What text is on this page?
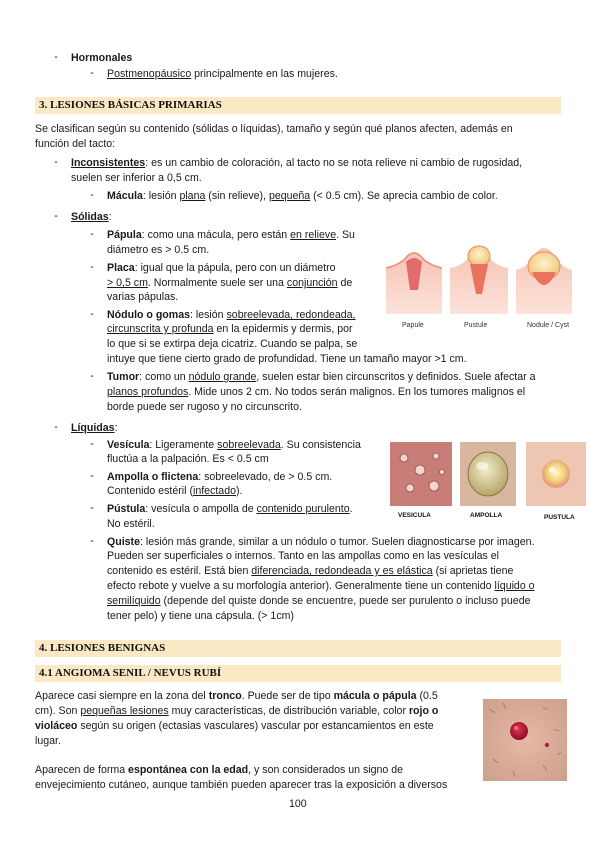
-	Hormonales
-	Postmenopáusico principalmente en las mujeres.
3. LESIONES BÁSICAS PRIMARIAS
Se clasifican según su contenido (sólidas o líquidas), tamaño y según qué planos afecten, además en
función del tacto:
-	Inconsistentes: es un cambio de coloración, al tacto no se nota relieve ni cambio de rugosidad,
suelen ser inferior a 0,5 cm.
-	Mácula: lesión plana (sin relieve), pequeña (< 0.5 cm). Se aprecia cambio de color.
-	Sólidas:
-	Pápula: como una mácula, pero están en relieve. Su
diámetro es > 0.5 cm.
-	Placa: igual que la pápula, pero con un diámetro
> 0,5 cm. Normalmente suele ser una conjunción de
varias pápulas.
-	Nódulo o gomas: lesión sobreelevada, redondeada,
circunscrita y profunda en la epidermis y dermis, por
lo que si se extirpa deja cicatriz. Cuando se palpa, se
intuye que tiene cierto grado de profundidad. Tiene un tamaño mayor >1 cm.
-	Tumor: como un nódulo grande, suelen estar bien circunscritos y definidos. Suele afectar a
planos profundos. Mide unos 2 cm. No todos serán malignos. En los tumores malignos el
borde puede ser rugoso y no circunscrito.
Papule	Pustule	Nodule / Cyst
-	Líquidas:
-	Vesícula: Ligeramente sobreelevada. Su consistencia
fluctúa a la palpación. Es < 0.5 cm
-	Ampolla o flictena: sobreelevado, de > 0.5 cm.
Contenido estéril (infectado).
-	Pústula: vesícula o ampolla de contenido purulento.
No estéril.
-	Quiste: lesión más grande, similar a un nódulo o tumor. Suelen diagnosticarse por imagen.
Pueden ser superficiales o internos. Tanto en las ampollas como en las vesículas el
contenido es estéril. Está bien diferenciada, redondeada y es elástica (si aprietas tiene
efecto rebote y vuelve a su morfología anterior). Generalmente tiene un contenido líquido o
semilíquido (depende del quiste donde se encuentre, puede ser purulento o incluso puede
tener pelo) y tiene una cápsula. (> 1cm)
VESICULA	AMPOLLA	PUSTULA
4. LESIONES BENIGNAS
4.1 ANGIOMA SENIL / NEVUS RUBÍ
Aparece casi siempre en la zona del tronco. Puede ser de tipo mácula o pápula (0.5
cm). Son pequeñas lesiones muy características, de distribución variable, color rojo o
violáceo según su origen (ectasias vasculares) vascular por estancamientos en este
lugar.
Aparecen de forma espontánea con la edad, y son considerados un signo de
envejecimiento cutáneo, aunque también pueden aparecer tras la exposición a diversos
100
